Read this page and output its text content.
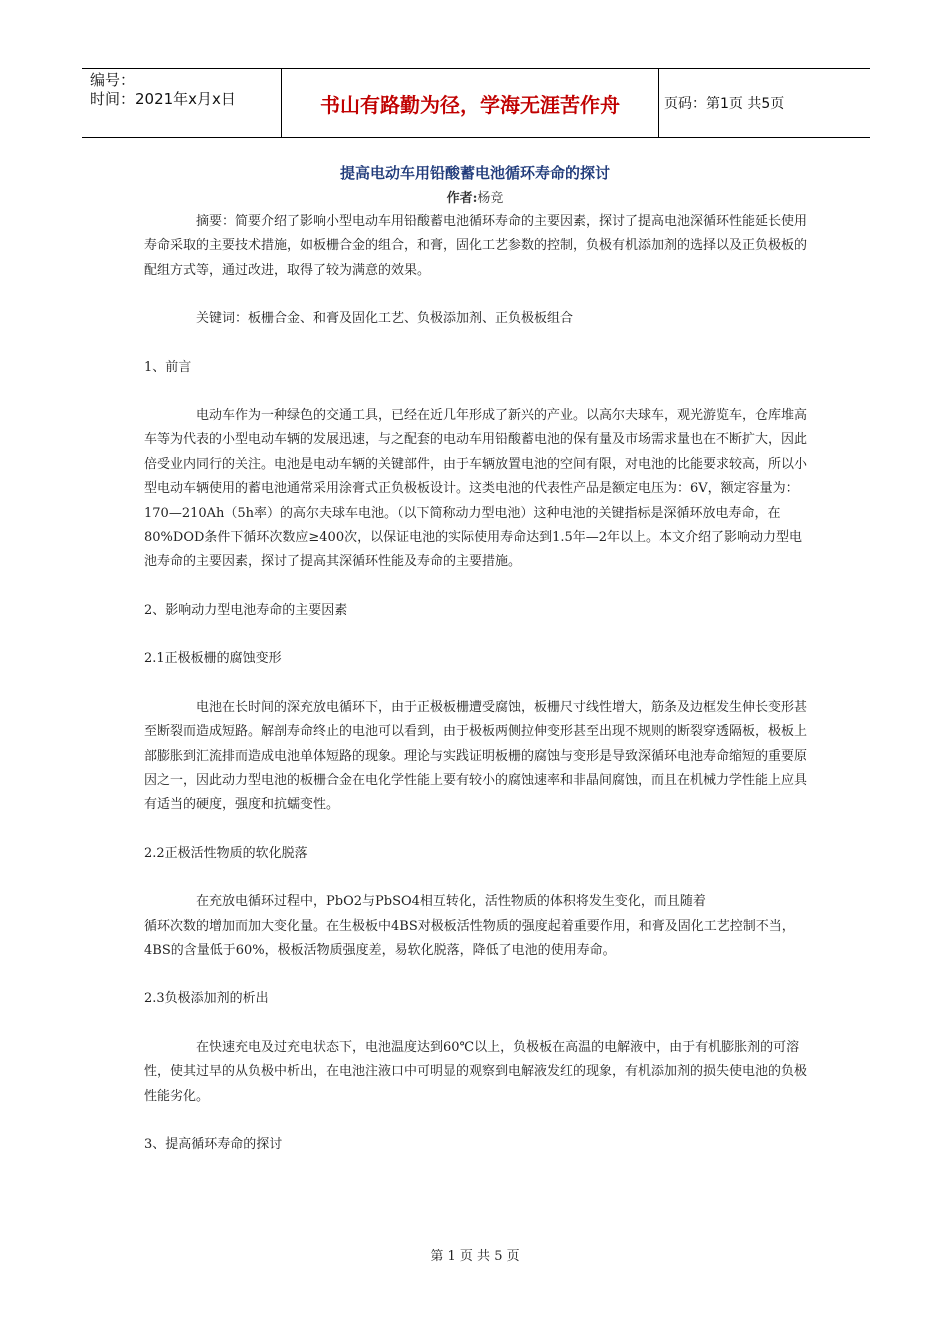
编号：
时间：2021年x月x日	书山有路勤为径，学海无涯苦作舟	页码：第1页 共5页
提高电动车用铅酸蓄电池循环寿命的探讨
作者:杨竞

摘要：简要介绍了影响小型电动车用铅酸蓄电池循环寿命的主要因素，探讨了提高电池深循环性能延长使用寿命采取的主要技术措施，如板栅合金的组合，和膏，固化工艺参数的控制，负极有机添加剂的选择以及正负极板的配组方式等，通过改进，取得了较为满意的效果。

关键词：板栅合金、和膏及固化工艺、负极添加剂、正负极板组合

1、前言

电动车作为一种绿色的交通工具，已经在近几年形成了新兴的产业。以高尔夫球车，观光游览车，仓库堆高车等为代表的小型电动车辆的发展迅速，与之配套的电动车用铅酸蓄电池的保有量及市场需求量也在不断扩大，因此倍受业内同行的关注。电池是电动车辆的关键部件，由于车辆放置电池的空间有限，对电池的比能要求较高，所以小型电动车辆使用的蓄电池通常采用涂膏式正负极板设计。这类电池的代表性产品是额定电压为：6V，额定容量为：170—210Ah（5h率）的高尔夫球车电池。（以下简称动力型电池）这种电池的关键指标是深循环放电寿命，在80%DOD条件下循环次数应≥400次，以保证电池的实际使用寿命达到1.5年—2年以上。本文介绍了影响动力型电池寿命的主要因素，探讨了提高其深循环性能及寿命的主要措施。

2、影响动力型电池寿命的主要因素

2.1正极板栅的腐蚀变形

电池在长时间的深充放电循环下，由于正极板栅遭受腐蚀，板栅尺寸线性增大，筋条及边框发生伸长变形甚至断裂而造成短路。解剖寿命终止的电池可以看到，由于极板两侧拉伸变形甚至出现不规则的断裂穿透隔板，极板上部膨胀到汇流排而造成电池单体短路的现象。理论与实践证明板栅的腐蚀与变形是导致深循环电池寿命缩短的重要原因之一，因此动力型电池的板栅合金在电化学性能上要有较小的腐蚀速率和非晶间腐蚀，而且在机械力学性能上应具有适当的硬度，强度和抗蠕变性。

2.2正极活性物质的软化脱落

在充放电循环过程中，PbO2与PbSO4相互转化，活性物质的体积将发生变化，而且随着

循环次数的增加而加大变化量。在生极板中4BS对极板活性物质的强度起着重要作用，和膏及固化工艺控制不当，4BS的含量低于60%，极板活物质强度差，易软化脱落，降低了电池的使用寿命。

2.3负极添加剂的析出

在快速充电及过充电状态下，电池温度达到60℃以上，负极板在高温的电解液中，由于有机膨胀剂的可溶性，使其过早的从负极中析出，在电池注液口中可明显的观察到电解液发红的现象，有机添加剂的损失使电池的负极性能劣化。

3、提高循环寿命的探讨

第 1 页 共 5 页
